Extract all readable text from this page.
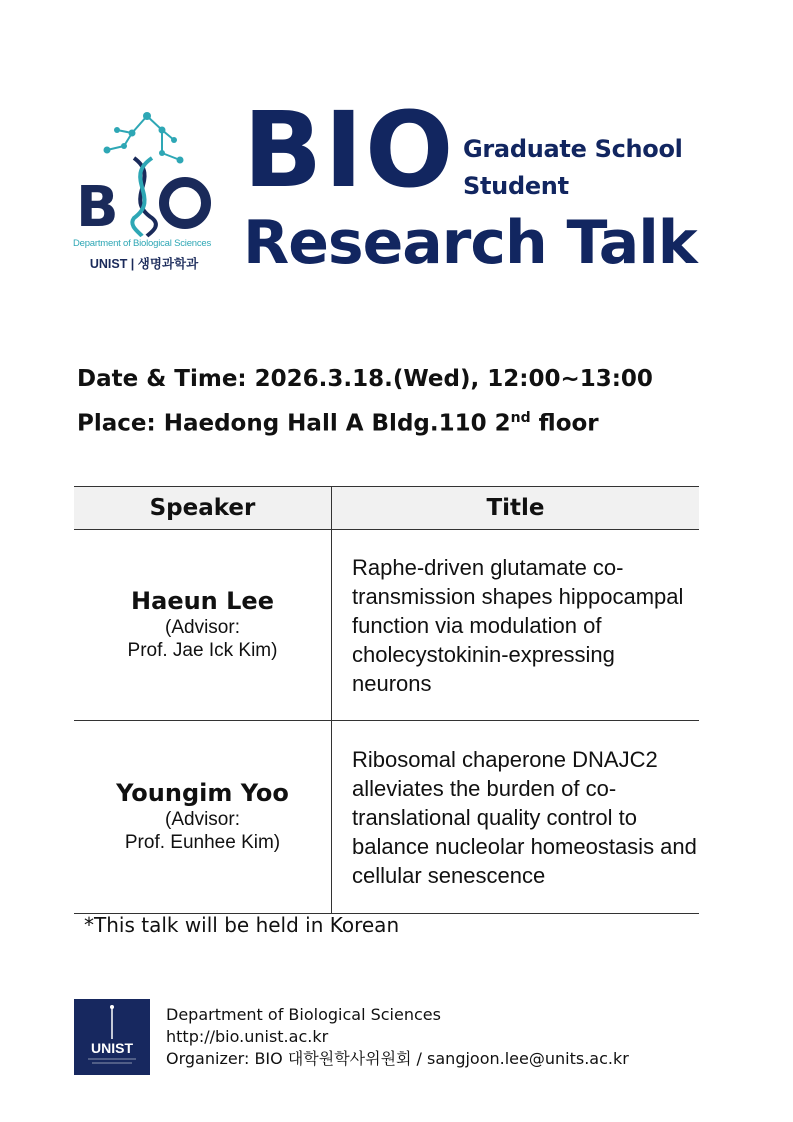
B
Department of Biological Sciences
UNIST | 생명과학과
BIO Graduate School
Student
Research Talk
Date & Time: 2026.3.18.(Wed), 12:00~13:00
Place: Haedong Hall A Bldg.110 2nd floor
Speaker	Title

Haeun Lee
(Advisor:
Prof. Jae Ick Kim)	Raphe-driven glutamate co-transmission shapes hippocampal function via modulation of cholecystokinin-expressing neurons

Youngim Yoo
(Advisor:
Prof. Eunhee Kim)	Ribosomal chaperone DNAJC2 alleviates the burden of co-translational quality control to balance nucleolar homeostasis and cellular senescence
*This talk will be held in Korean
UNIST
Department of Biological Sciences
http://bio.unist.ac.kr
Organizer: BIO 대학원학사위원회 / sangjoon.lee@units.ac.kr
